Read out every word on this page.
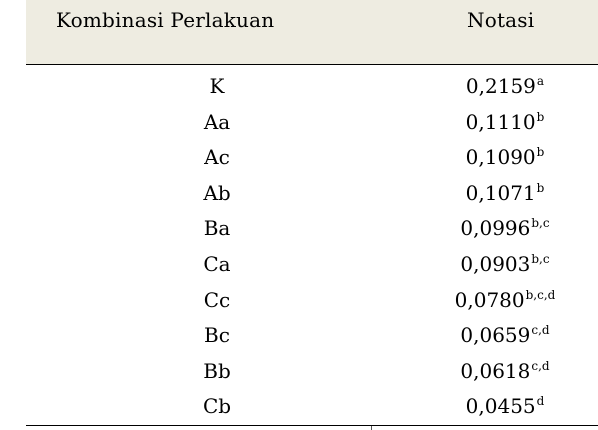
Kombinasi Perlakuan	Notasi
K	0,2159$^a$
Aa	0,1110$^b$
Ac	0,1090$^b$
Ab	0,1071$^b$
Ba	0,0996$^{b,c}$
Ca	0,0903$^{b,c}$
Cc	0,0780$^{b,c,d}$
Bc	0,0659$^{c,d}$
Bb	0,0618$^{c,d}$
Cb	0,0455$^d$
